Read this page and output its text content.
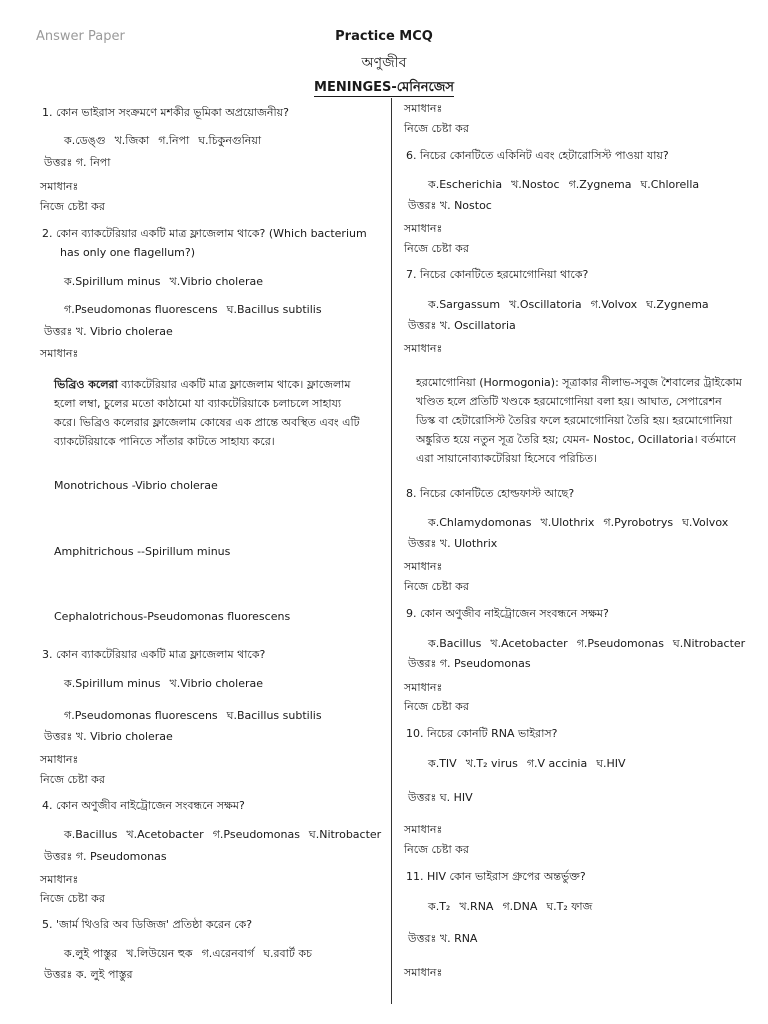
Answer Paper	Practice MCQ
অণুজীব
MENINGES-মেনিনজেস
1. কোন ভাইরাস সংক্রমণে মশকীর ভূমিকা অপ্রয়োজনীয়?
ক.ডেঙ্গু খ.জিকা গ.নিপা ঘ.চিকুনগুনিয়া
উত্তরঃ গ. নিপা
সমাধানঃ
নিজে চেষ্টা কর
2. কোন ব্যাকটেরিয়ার একটি মাত্র ফ্লাজেলাম থাকে? (Which bacterium
has only one flagellum?)
ক.Spirillum minus খ.Vibrio cholerae
গ.Pseudomonas fluorescens ঘ.Bacillus subtilis
উত্তরঃ খ. Vibrio cholerae
সমাধানঃ
ভিব্রিও কলেরা ব্যাকটেরিয়ার একটি মাত্র ফ্লাজেলাম থাকে। ফ্লাজেলাম হলো লম্বা, চুলের মতো কাঠামো যা ব্যাকটেরিয়াকে চলাচলে সাহায্য করে। ভিব্রিও কলেরার ফ্লাজেলাম কোষের এক প্রান্তে অবস্থিত এবং এটি ব্যাকটেরিয়াকে পানিতে সাঁতার কাটতে সাহায্য করে।
Monotrichous -Vibrio cholerae
Amphitrichous --Spirillum minus
Cephalotrichous-Pseudomonas fluorescens
3. কোন ব্যাকটেরিয়ার একটি মাত্র ফ্লাজেলাম থাকে?
ক.Spirillum minus খ.Vibrio cholerae
গ.Pseudomonas fluorescens ঘ.Bacillus subtilis
উত্তরঃ খ. Vibrio cholerae
সমাধানঃ
নিজে চেষ্টা কর
4. কোন অণুজীব নাইট্রোজেন সংবন্ধনে সক্ষম?
ক.Bacillus খ.Acetobacter গ.Pseudomonas ঘ.Nitrobacter
উত্তরঃ গ. Pseudomonas
সমাধানঃ
নিজে চেষ্টা কর
5. 'জার্ম থিওরি অব ডিজিজ' প্রতিষ্ঠা করেন কে?
ক.লুই পাস্তুর খ.লিউয়েন হুক গ.এরেনবার্গ ঘ.রবার্ট কচ
উত্তরঃ ক. লুই পাস্তুর
সমাধানঃ
নিজে চেষ্টা কর
6. নিচের কোনটিতে একিনিট এবং হেটারোসিস্ট পাওয়া যায়?
ক.Escherichia খ.Nostoc গ.Zygnema ঘ.Chlorella
উত্তরঃ খ. Nostoc
সমাধানঃ
নিজে চেষ্টা কর
7. নিচের কোনটিতে হরমোগোনিয়া থাকে?
ক.Sargassum খ.Oscillatoria গ.Volvox ঘ.Zygnema
উত্তরঃ খ. Oscillatoria
সমাধানঃ
হরমোগোনিয়া (Hormogonia): সূত্রাকার নীলাভ-সবুজ শৈবালের ট্রাইকোম খণ্ডিত হলে প্রতিটি খণ্ডকে হরমোগোনিয়া বলা হয়। আঘাত, সেপারেশন ডিস্ক বা হেটারোসিস্ট তৈরির ফলে হরমোগোনিয়া তৈরি হয়। হরমোগোনিয়া অঙ্কুরিত হয়ে নতুন সূত্র তৈরি হয়; যেমন- Nostoc, Ocillatoria। বর্তমানে এরা সায়ানোব্যাকটেরিয়া হিসেবে পরিচিত।
8. নিচের কোনটিতে হোল্ডফাস্ট আছে?
ক.Chlamydomonas খ.Ulothrix গ.Pyrobotrys ঘ.Volvox
উত্তরঃ খ. Ulothrix
সমাধানঃ
নিজে চেষ্টা কর
9. কোন অণুজীব নাইট্রোজেন সংবন্ধনে সক্ষম?
ক.Bacillus খ.Acetobacter গ.Pseudomonas ঘ.Nitrobacter
উত্তরঃ গ. Pseudomonas
সমাধানঃ
নিজে চেষ্টা কর
10. নিচের কোনটি RNA ভাইরাস?
ক.TIV খ.T₂ virus গ.V accinia ঘ.HIV
উত্তরঃ ঘ. HIV
সমাধানঃ
নিজে চেষ্টা কর
11. HIV কোন ভাইরাস গ্রুপের অন্তর্ভুক্ত?
ক.T₂ খ.RNA গ.DNA ঘ.T₂ ফাজ
উত্তরঃ খ. RNA
সমাধানঃ
